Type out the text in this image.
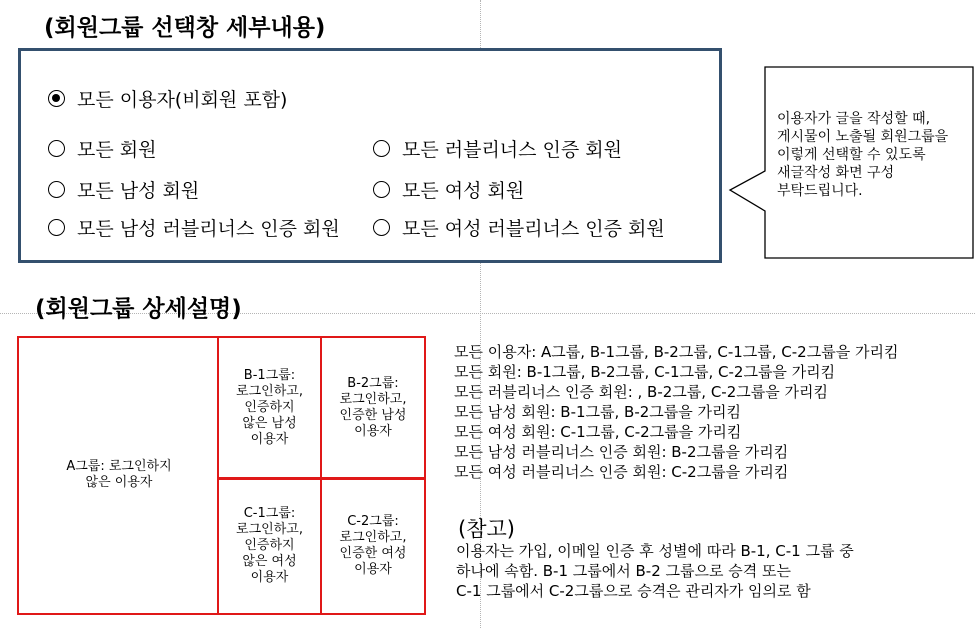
(회원그룹 선택창 세부내용)
모든 이용자(비회원 포함)
모든 회원	모든 러블리너스 인증 회원
모든 남성 회원	모든 여성 회원
모든 남성 러블리너스 인증 회원	모든 여성 러블리너스 인증 회원
이용자가 글을 작성할 때, 게시물이 노출될 회원그룹을 이렇게 선택할 수 있도록 새글작성 화면 구성 부탁드립니다.
(회원그룹 상세설명)
A그룹: 로그인하지
않은 이용자
B-1그룹:
로그인하고,
인증하지
않은 남성
이용자
B-2그룹:
로그인하고,
인증한 남성
이용자
C-1그룹:
로그인하고,
인증하지
않은 여성
이용자
C-2그룹:
로그인하고,
인증한 여성
이용자
모든 이용자: A그룹, B-1그룹, B-2그룹, C-1그룹, C-2그룹을 가리킴
모든 회원: B-1그룹, B-2그룹, C-1그룹, C-2그룹을 가리킴
모든 러블리너스 인증 회원: , B-2그룹, C-2그룹을 가리킴
모든 남성 회원: B-1그룹, B-2그룹을 가리킴
모든 여성 회원: C-1그룹, C-2그룹을 가리킴
모든 남성 러블리너스 인증 회원: B-2그룹을 가리킴
모든 여성 러블리너스 인증 회원: C-2그룹을 가리킴
(참고)
이용자는 가입, 이메일 인증 후 성별에 따라 B-1, C-1 그룹 중
하나에 속함. B-1 그룹에서 B-2 그룹으로 승격 또는
C-1 그룹에서 C-2그룹으로 승격은 관리자가 임의로 함
